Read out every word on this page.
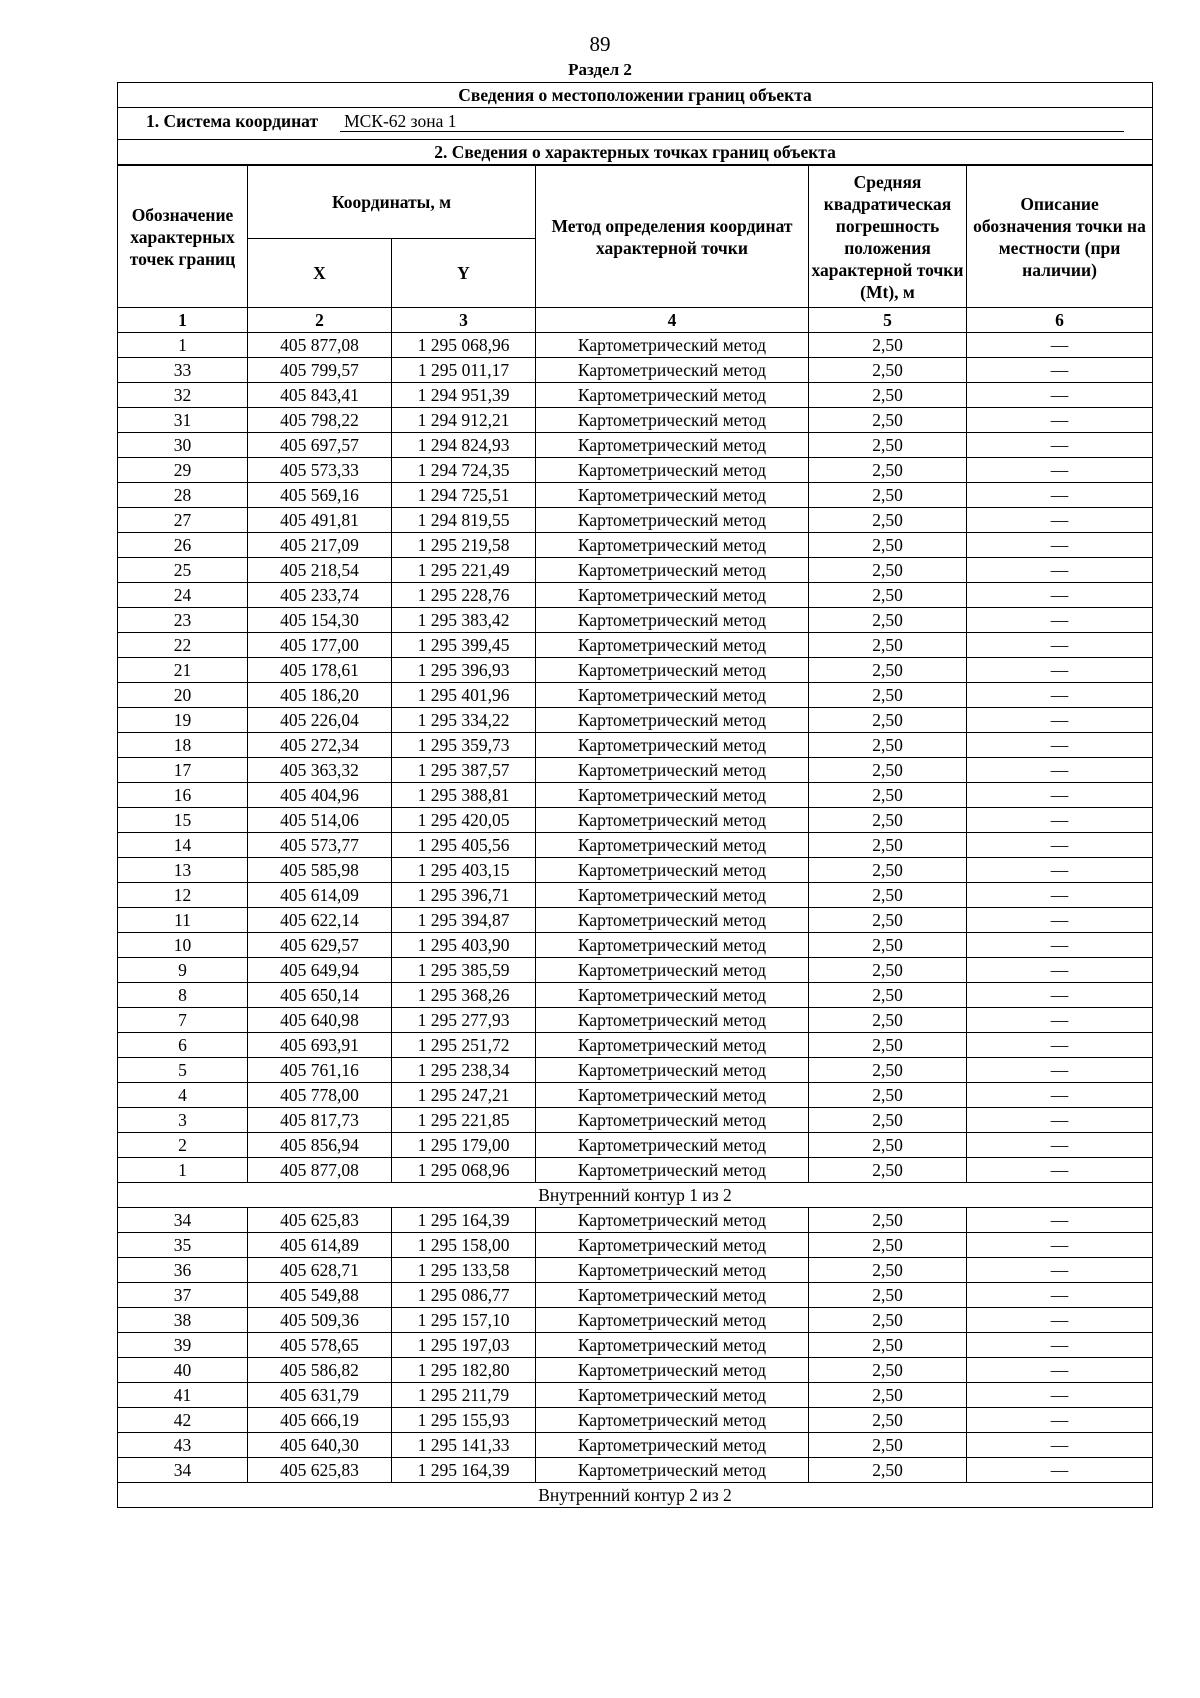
89
Раздел 2
Сведения о местоположении границ объекта					
1. Система координат МСК-62 зона 1					

2. Сведения о характерных точках границ объекта					
Обозначение характерных точек границ	Координаты, м		Метод определения координат характерной точки	Средняя квадратическая погрешность положения характерной точки (Mt), м	Описание обозначения точки на местности (при наличии)
	X	Y			
1	2	3	4	5	6
1	405 877,08	1 295 068,96	Картометрический метод	2,50	—
33	405 799,57	1 295 011,17	Картометрический метод	2,50	—
32	405 843,41	1 294 951,39	Картометрический метод	2,50	—
31	405 798,22	1 294 912,21	Картометрический метод	2,50	—
30	405 697,57	1 294 824,93	Картометрический метод	2,50	—
29	405 573,33	1 294 724,35	Картометрический метод	2,50	—
28	405 569,16	1 294 725,51	Картометрический метод	2,50	—
27	405 491,81	1 294 819,55	Картометрический метод	2,50	—
26	405 217,09	1 295 219,58	Картометрический метод	2,50	—
25	405 218,54	1 295 221,49	Картометрический метод	2,50	—
24	405 233,74	1 295 228,76	Картометрический метод	2,50	—
23	405 154,30	1 295 383,42	Картометрический метод	2,50	—
22	405 177,00	1 295 399,45	Картометрический метод	2,50	—
21	405 178,61	1 295 396,93	Картометрический метод	2,50	—
20	405 186,20	1 295 401,96	Картометрический метод	2,50	—
19	405 226,04	1 295 334,22	Картометрический метод	2,50	—
18	405 272,34	1 295 359,73	Картометрический метод	2,50	—
17	405 363,32	1 295 387,57	Картометрический метод	2,50	—
16	405 404,96	1 295 388,81	Картометрический метод	2,50	—
15	405 514,06	1 295 420,05	Картометрический метод	2,50	—
14	405 573,77	1 295 405,56	Картометрический метод	2,50	—
13	405 585,98	1 295 403,15	Картометрический метод	2,50	—
12	405 614,09	1 295 396,71	Картометрический метод	2,50	—
11	405 622,14	1 295 394,87	Картометрический метод	2,50	—
10	405 629,57	1 295 403,90	Картометрический метод	2,50	—
9	405 649,94	1 295 385,59	Картометрический метод	2,50	—
8	405 650,14	1 295 368,26	Картометрический метод	2,50	—
7	405 640,98	1 295 277,93	Картометрический метод	2,50	—
6	405 693,91	1 295 251,72	Картометрический метод	2,50	—
5	405 761,16	1 295 238,34	Картометрический метод	2,50	—
4	405 778,00	1 295 247,21	Картометрический метод	2,50	—
3	405 817,73	1 295 221,85	Картометрический метод	2,50	—
2	405 856,94	1 295 179,00	Картометрический метод	2,50	—
1	405 877,08	1 295 068,96	Картометрический метод	2,50	—
Внутренний контур 1 из 2					
34	405 625,83	1 295 164,39	Картометрический метод	2,50	—
35	405 614,89	1 295 158,00	Картометрический метод	2,50	—
36	405 628,71	1 295 133,58	Картометрический метод	2,50	—
37	405 549,88	1 295 086,77	Картометрический метод	2,50	—
38	405 509,36	1 295 157,10	Картометрический метод	2,50	—
39	405 578,65	1 295 197,03	Картометрический метод	2,50	—
40	405 586,82	1 295 182,80	Картометрический метод	2,50	—
41	405 631,79	1 295 211,79	Картометрический метод	2,50	—
42	405 666,19	1 295 155,93	Картометрический метод	2,50	—
43	405 640,30	1 295 141,33	Картометрический метод	2,50	—
34	405 625,83	1 295 164,39	Картометрический метод	2,50	—
Внутренний контур 2 из 2					
